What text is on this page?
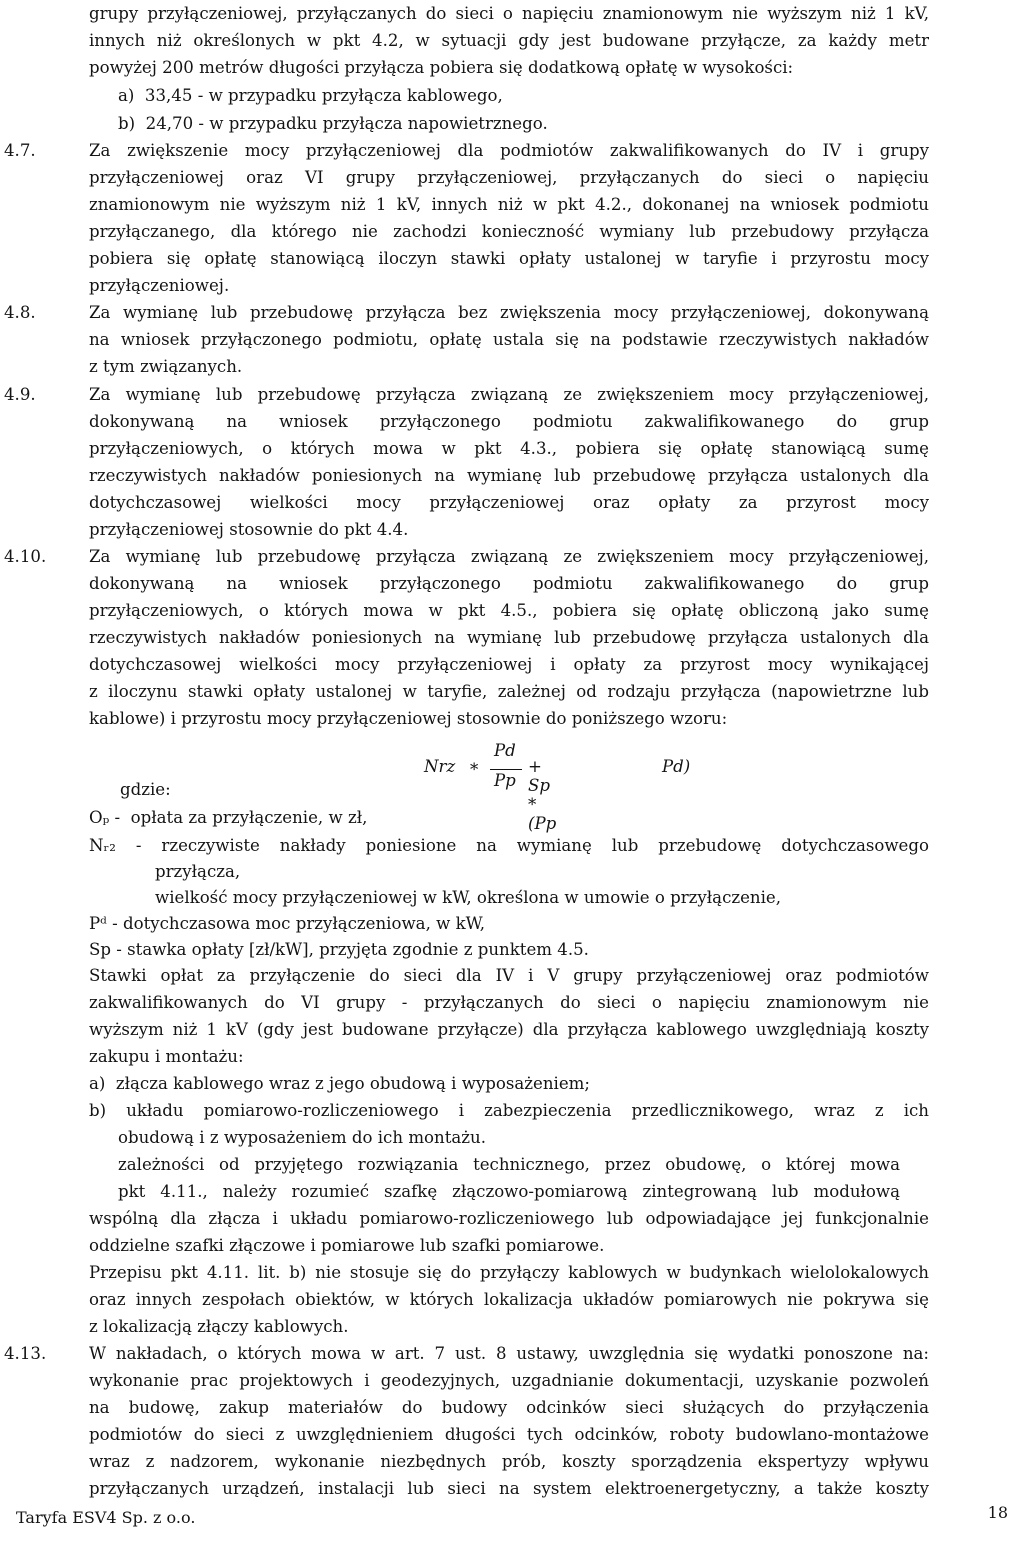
grupy przyłączeniowej, przyłączanych do sieci o napięciu znamionowym nie wyższym niż 1 kV,
innych niż określonych w pkt 4.2, w sytuacji gdy jest budowane przyłącze, za każdy metr
powyżej 200 metrów długości przyłącza pobiera się dodatkową opłatę w wysokości:
a)  33,45 - w przypadku przyłącza kablowego,
b)  24,70 - w przypadku przyłącza napowietrznego.
4.7.	Za zwiększenie mocy przyłączeniowej dla podmiotów zakwalifikowanych do IV i grupy
przyłączeniowej oraz VI grupy przyłączeniowej, przyłączanych do sieci o napięciu
znamionowym nie wyższym niż 1 kV, innych niż w pkt 4.2., dokonanej na wniosek podmiotu
przyłączanego, dla którego nie zachodzi konieczność wymiany lub przebudowy przyłącza
pobiera się opłatę stanowiącą iloczyn stawki opłaty ustalonej w taryfie i przyrostu mocy
przyłączeniowej.
4.8.	Za wymianę lub przebudowę przyłącza bez zwiększenia mocy przyłączeniowej, dokonywaną
na wniosek przyłączonego podmiotu, opłatę ustala się na podstawie rzeczywistych nakładów
z tym związanych.
4.9.	Za wymianę lub przebudowę przyłącza związaną ze zwiększeniem mocy przyłączeniowej,
dokonywaną na wniosek przyłączonego podmiotu zakwalifikowanego do grup
przyłączeniowych, o których mowa w pkt 4.3., pobiera się opłatę stanowiącą sumę
rzeczywistych nakładów poniesionych na wymianę lub przebudowę przyłącza ustalonych dla
dotychczasowej wielkości mocy przyłączeniowej oraz opłaty za przyrost mocy
przyłączeniowej stosownie do pkt 4.4.
4.10.	Za wymianę lub przebudowę przyłącza związaną ze zwiększeniem mocy przyłączeniowej,
dokonywaną na wniosek przyłączonego podmiotu zakwalifikowanego do grup
przyłączeniowych, o których mowa w pkt 4.5., pobiera się opłatę obliczoną jako sumę
rzeczywistych nakładów poniesionych na wymianę lub przebudowę przyłącza ustalonych dla
dotychczasowej wielkości mocy przyłączeniowej i opłaty za przyrost mocy wynikającej
z iloczynu stawki opłaty ustalonej w taryfie, zależnej od rodzaju przyłącza (napowietrzne lub
kablowe) i przyrostu mocy przyłączeniowej stosownie do poniższego wzoru:
gdzie:
Oₚ -  opłata za przyłączenie, w zł,
Nᵣ₂ - rzeczywiste nakłady poniesione na wymianę lub przebudowę dotychczasowego
przyłącza,
wielkość mocy przyłączeniowej w kW, określona w umowie o przyłączenie,
Pᵈ - dotychczasowa moc przyłączeniowa, w kW,
Sp - stawka opłaty [zł/kW], przyjęta zgodnie z punktem 4.5.
Stawki opłat za przyłączenie do sieci dla IV i V grupy przyłączeniowej oraz podmiotów
zakwalifikowanych do VI grupy - przyłączanych do sieci o napięciu znamionowym nie
wyższym niż 1 kV (gdy jest budowane przyłącze) dla przyłącza kablowego uwzględniają koszty
zakupu i montażu:
a)  złącza kablowego wraz z jego obudową i wyposażeniem;
b) układu pomiarowo-rozliczeniowego i zabezpieczenia przedlicznikowego, wraz z ich
obudową i z wyposażeniem do ich montażu.
zależności od przyjętego rozwiązania technicznego, przez obudowę, o której mowa
pkt 4.11., należy rozumieć szafkę złączowo-pomiarową zintegrowaną lub modułową
wspólną dla złącza i układu pomiarowo-rozliczeniowego lub odpowiadające jej funkcjonalnie
oddzielne szafki złączowe i pomiarowe lub szafki pomiarowe.
Przepisu pkt 4.11. lit. b) nie stosuje się do przyłączy kablowych w budynkach wielolokalowych
oraz innych zespołach obiektów, w których lokalizacja układów pomiarowych nie pokrywa się
z lokalizacją złączy kablowych.
4.13.	W nakładach, o których mowa w art. 7 ust. 8 ustawy, uwzględnia się wydatki ponoszone na:
wykonanie prac projektowych i geodezyjnych, uzgadnianie dokumentacji, uzyskanie pozwoleń
na budowę, zakup materiałów do budowy odcinków sieci służących do przyłączenia
podmiotów do sieci z uwzględnieniem długości tych odcinków, roboty budowlano-montażowe
wraz z nadzorem, wykonanie niezbędnych prób, koszty sporządzenia ekspertyzy wpływu
przyłączanych urządzeń, instalacji lub sieci na system elektroenergetyczny, a także koszty
Nrz *
Pd
Pp
+ Sp * (Pp
Pd)
Taryfa ESV4 Sp. z o.o.	18
